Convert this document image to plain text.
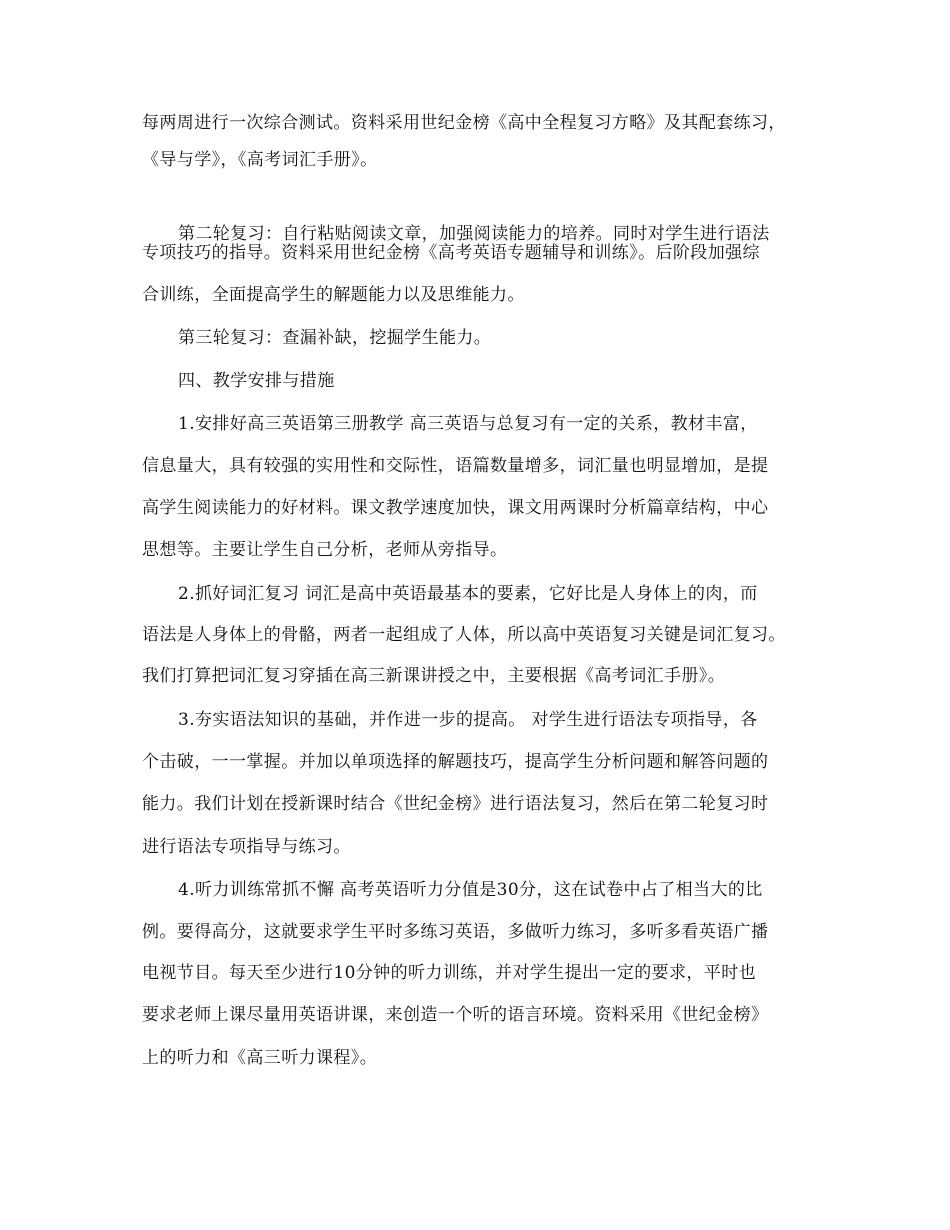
每两周进行一次综合测试。资料采用世纪金榜《高中全程复习方略》及其配套练习，
《导与学》，《高考词汇手册》。
第二轮复习：自行粘贴阅读文章，加强阅读能力的培养。同时对学生进行语法
专项技巧的指导。资料采用世纪金榜《高考英语专题辅导和训练》。后阶段加强综
合训练，全面提高学生的解题能力以及思维能力。
第三轮复习：查漏补缺，挖掘学生能力。
四、教学安排与措施
1.安排好高三英语第三册教学 高三英语与总复习有一定的关系，教材丰富，
信息量大，具有较强的实用性和交际性，语篇数量增多，词汇量也明显增加，是提
高学生阅读能力的好材料。课文教学速度加快，课文用两课时分析篇章结构，中心
思想等。主要让学生自己分析，老师从旁指导。
2.抓好词汇复习 词汇是高中英语最基本的要素，它好比是人身体上的肉，而
语法是人身体上的骨骼，两者一起组成了人体，所以高中英语复习关键是词汇复习。
我们打算把词汇复习穿插在高三新课讲授之中，主要根据《高考词汇手册》。
3.夯实语法知识的基础，并作进一步的提高。 对学生进行语法专项指导，各
个击破，一一掌握。并加以单项选择的解题技巧，提高学生分析问题和解答问题的
能力。我们计划在授新课时结合《世纪金榜》进行语法复习，然后在第二轮复习时
进行语法专项指导与练习。
4.听力训练常抓不懈 高考英语听力分值是30分，这在试卷中占了相当大的比
例。要得高分，这就要求学生平时多练习英语，多做听力练习，多听多看英语广播
电视节目。每天至少进行10分钟的听力训练，并对学生提出一定的要求，平时也
要求老师上课尽量用英语讲课，来创造一个听的语言环境。资料采用《世纪金榜》
上的听力和《高三听力课程》。
